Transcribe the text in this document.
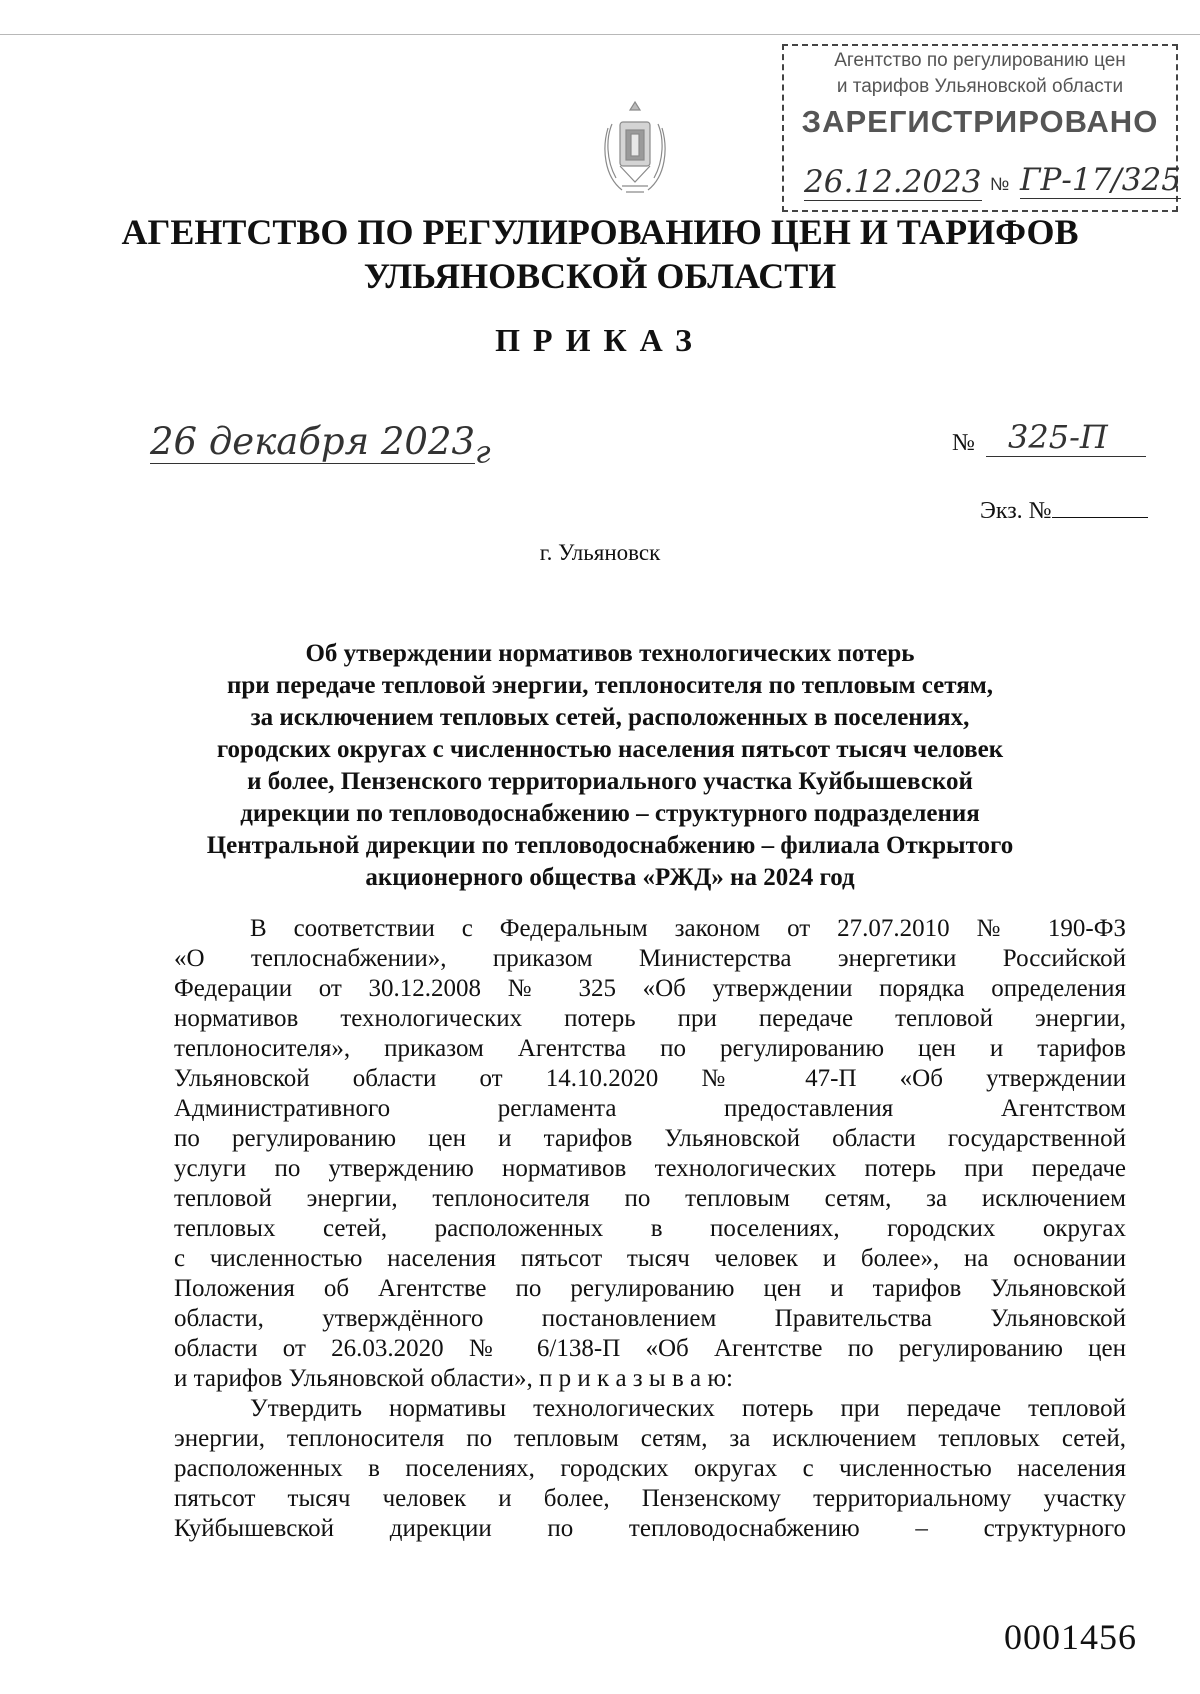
Агентство по регулированию цен
и тарифов Ульяновской области
ЗАРЕГИСТРИРОВАНО
26.12.2023 № ГР-17/325
АГЕНТСТВО ПО РЕГУЛИРОВАНИЮ ЦЕН И ТАРИФОВ
УЛЬЯНОВСКОЙ ОБЛАСТИ
ПРИКАЗ
26 декабря $2023_г$	№	325-П
Экз. №
г. Ульяновск
Об утверждении нормативов технологических потерь
при передаче тепловой энергии, теплоносителя по тепловым сетям,
за исключением тепловых сетей, расположенных в поселениях,
городских округах с численностью населения пятьсот тысяч человек
и более, Пензенского территориального участка Куйбышевской
дирекции по тепловодоснабжению – структурного подразделения
Центральной дирекции по тепловодоснабжению – филиала Открытого
акционерного общества «РЖД» на 2024 год
В соответствии с Федеральным законом от 27.07.2010 № 190-ФЗ
«О теплоснабжении», приказом Министерства энергетики Российской
Федерации от 30.12.2008 № 325 «Об утверждении порядка определения
нормативов технологических потерь при передаче тепловой энергии,
теплоносителя», приказом Агентства по регулированию цен и тарифов
Ульяновской области от 14.10.2020 № 47-П «Об утверждении
Административного регламента предоставления Агентством
по регулированию цен и тарифов Ульяновской области государственной
услуги по утверждению нормативов технологических потерь при передаче
тепловой энергии, теплоносителя по тепловым сетям, за исключением
тепловых сетей, расположенных в поселениях, городских округах
с численностью населения пятьсот тысяч человек и более», на основании
Положения об Агентстве по регулированию цен и тарифов Ульяновской
области, утверждённого постановлением Правительства Ульяновской
области от 26.03.2020 № 6/138-П «Об Агентстве по регулированию цен
и тарифов Ульяновской области», п р и к а з ы в а ю:
Утвердить нормативы технологических потерь при передаче тепловой
энергии, теплоносителя по тепловым сетям, за исключением тепловых сетей,
расположенных в поселениях, городских округах с численностью населения
пятьсот тысяч человек и более, Пензенскому территориальному участку
Куйбышевской дирекции по тепловодоснабжению – структурного
0001456
